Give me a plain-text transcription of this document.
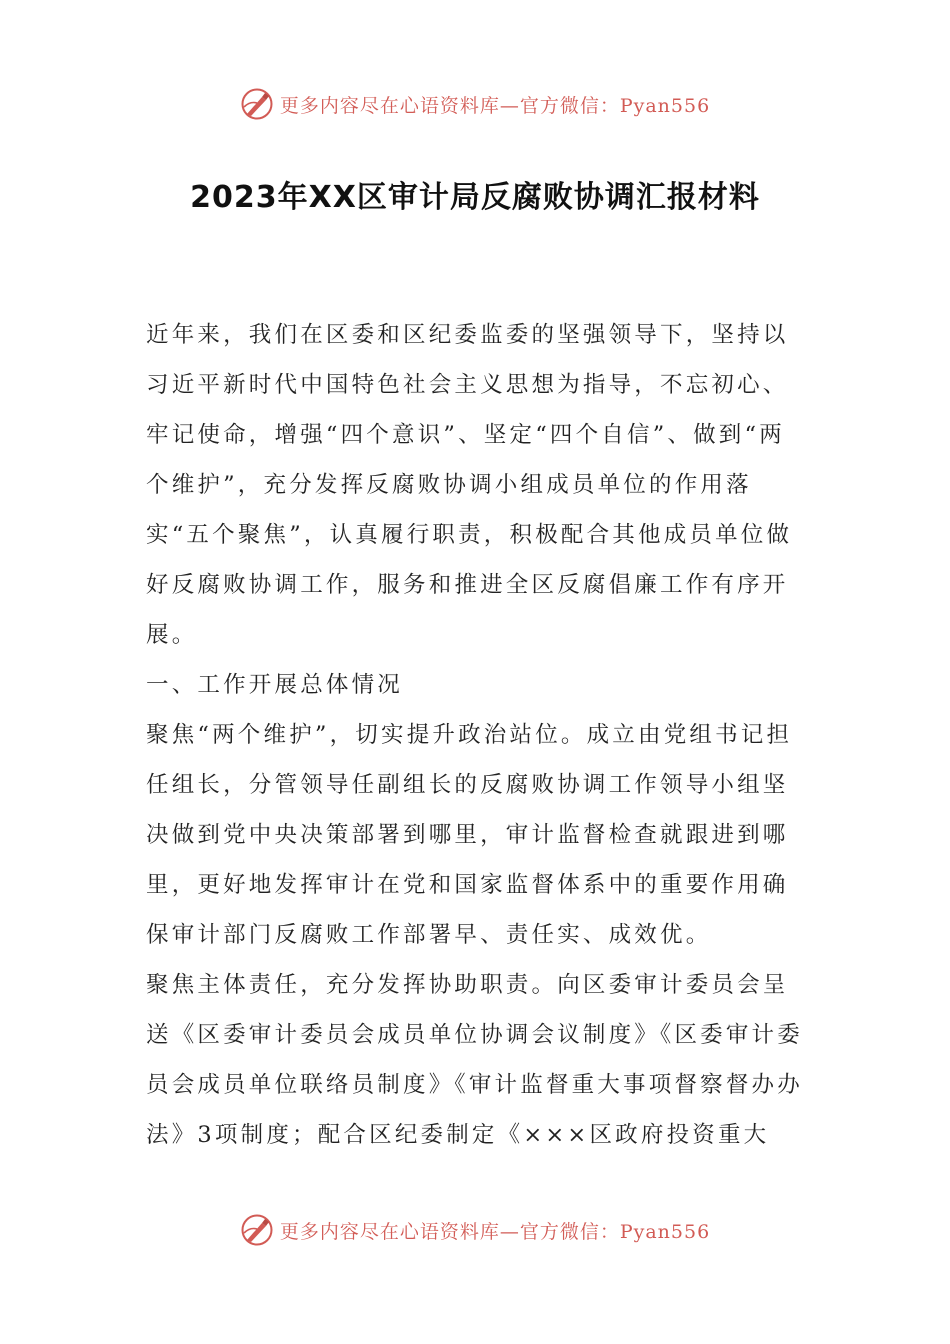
更多内容尽在心语资料库—官方微信：Pyan556
2023年XX区审计局反腐败协调汇报材料

近年来，我们在区委和区纪委监委的坚强领导下，坚持以习近平新时代中国特色社会主义思想为指导，不忘初心、牢记使命，增强“四个意识”、坚定“四个自信”、做到“两个维护”，充分发挥反腐败协调小组成员单位的作用落实“五个聚焦”，认真履行职责，积极配合其他成员单位做好反腐败协调工作，服务和推进全区反腐倡廉工作有序开展。

一、工作开展总体情况

聚焦“两个维护”，切实提升政治站位。成立由党组书记担任组长，分管领导任副组长的反腐败协调工作领导小组坚决做到党中央决策部署到哪里，审计监督检查就跟进到哪里，更好地发挥审计在党和国家监督体系中的重要作用确保审计部门反腐败工作部署早、责任实、成效优。

聚焦主体责任，充分发挥协助职责。向区委审计委员会呈送《区委审计委员会成员单位协调会议制度》《区委审计委员会成员单位联络员制度》《审计监督重大事项督察督办办法》3项制度；配合区纪委制定《×××区政府投资重大

更多内容尽在心语资料库—官方微信：Pyan556
